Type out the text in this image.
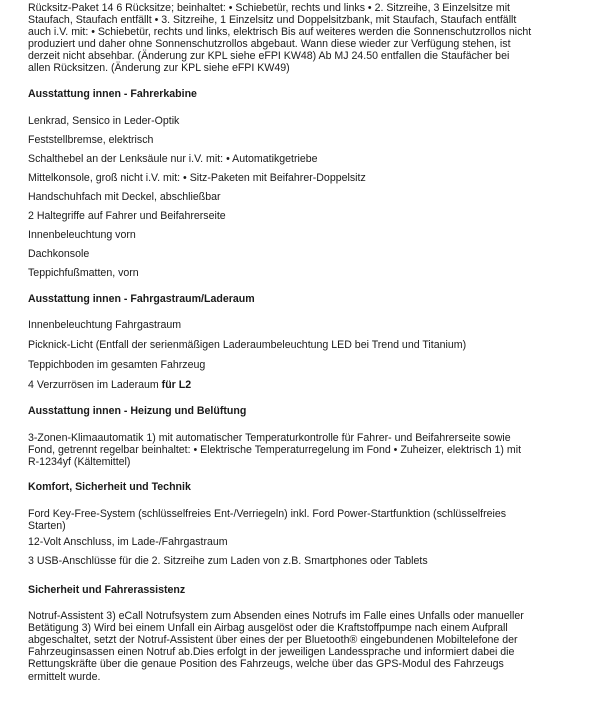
Rücksitz-Paket 14 6 Rücksitze; beinhaltet: • Schiebetür, rechts und links • 2. Sitzreihe, 3 Einzelsitze mit
Staufach, Staufach entfällt • 3. Sitzreihe, 1 Einzelsitz und Doppelsitzbank, mit Staufach, Staufach entfällt
auch i.V. mit: • Schiebetür, rechts und links, elektrisch Bis auf weiteres werden die Sonnenschutzrollos nicht
produziert und daher ohne Sonnenschutzrollos abgebaut. Wann diese wieder zur Verfügung stehen, ist
derzeit nicht absehbar. (Änderung zur KPL siehe eFPI KW48) Ab MJ 24.50 entfallen die Staufächer bei
allen Rücksitzen. (Änderung zur KPL siehe eFPI KW49)
Ausstattung innen - Fahrerkabine
Lenkrad, Sensico in Leder-Optik
Feststellbremse, elektrisch
Schalthebel an der Lenksäule nur i.V. mit: • Automatikgetriebe
Mittelkonsole, groß nicht i.V. mit: • Sitz-Paketen mit Beifahrer-Doppelsitz
Handschuhfach mit Deckel, abschließbar
2 Haltegriffe auf Fahrer und Beifahrerseite
Innenbeleuchtung vorn
Dachkonsole
Teppichfußmatten, vorn
Ausstattung innen - Fahrgastraum/Laderaum
Innenbeleuchtung Fahrgastraum
Picknick-Licht (Entfall der serienmäßigen Laderaumbeleuchtung LED bei Trend und Titanium)
Teppichboden im gesamten Fahrzeug
4 Verzurrösen im Laderaum für L2
Ausstattung innen - Heizung und Belüftung
3-Zonen-Klimaautomatik 1) mit automatischer Temperaturkontrolle für Fahrer- und Beifahrerseite sowie
Fond, getrennt regelbar beinhaltet: • Elektrische Temperaturregelung im Fond • Zuheizer, elektrisch 1) mit
R-1234yf (Kältemittel)
Komfort, Sicherheit und Technik
Ford Key-Free-System (schlüsselfreies Ent-/Verriegeln) inkl. Ford Power-Startfunktion (schlüsselfreies
Starten)
12-Volt Anschluss, im Lade-/Fahrgastraum
3 USB-Anschlüsse für die 2. Sitzreihe zum Laden von z.B. Smartphones oder Tablets
Sicherheit und Fahrerassistenz
Notruf-Assistent 3) eCall Notrufsystem zum Absenden eines Notrufs im Falle eines Unfalls oder manueller
Betätigung 3) Wird bei einem Unfall ein Airbag ausgelöst oder die Kraftstoffpumpe nach einem Aufprall
abgeschaltet, setzt der Notruf-Assistent über eines der per Bluetooth® eingebundenen Mobiltelefone der
Fahrzeuginsassen einen Notruf ab.Dies erfolgt in der jeweiligen Landessprache und informiert dabei die
Rettungskräfte über die genaue Position des Fahrzeugs, welche über das GPS-Modul des Fahrzeugs
ermittelt wurde.
